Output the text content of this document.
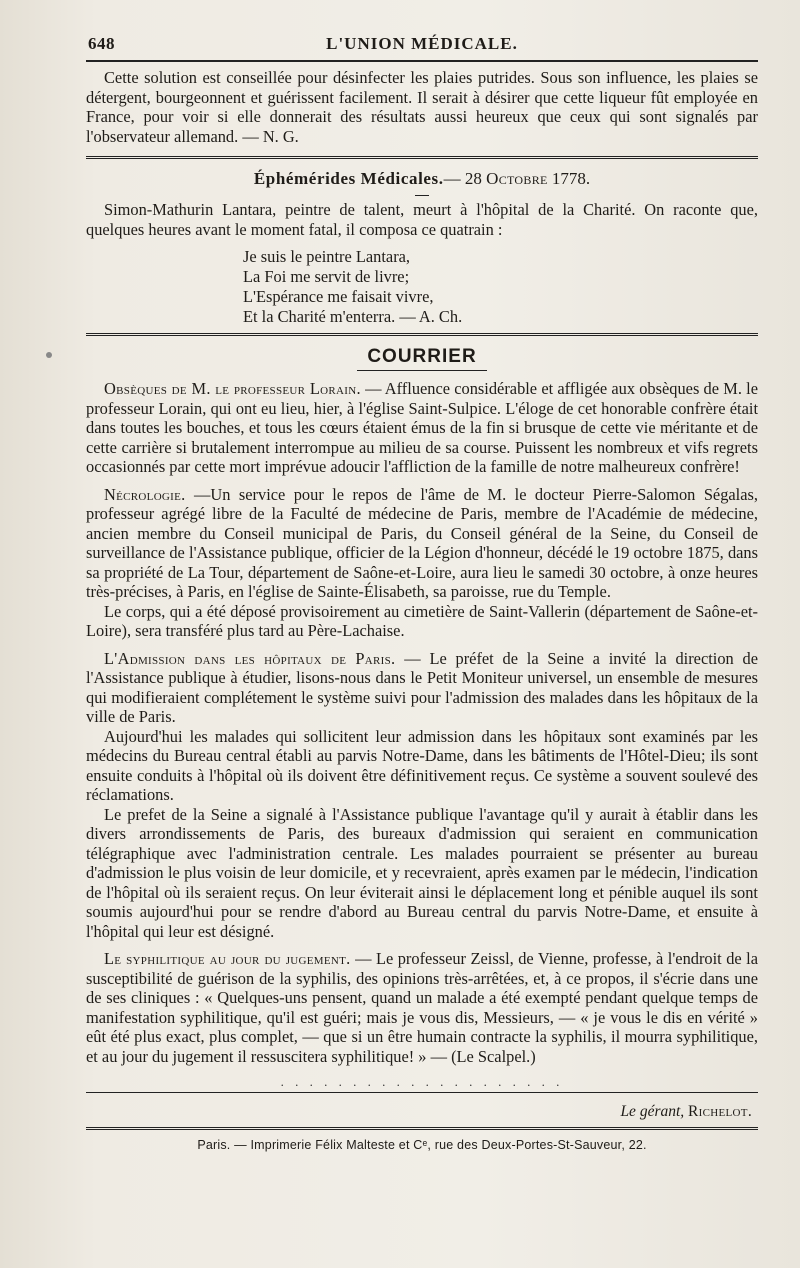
648	L'UNION MÉDICALE.

Cette solution est conseillée pour désinfecter les plaies putrides. Sous son influence, les plaies se détergent, bourgeonnent et guérissent facilement. Il serait à désirer que cette liqueur fût employée en France, pour voir si elle donnerait des résultats aussi heureux que ceux qui sont signalés par l'observateur allemand. — N. G.

Éphémérides Médicales.— 28 Octobre 1778.

Simon-Mathurin Lantara, peintre de talent, meurt à l'hôpital de la Charité. On raconte que, quelques heures avant le moment fatal, il composa ce quatrain :

Je suis le peintre Lantara,
La Foi me servit de livre;
L'Espérance me faisait vivre,
Et la Charité m'enterra. — A. Ch.
COURRIER

Obsèques de M. le professeur Lorain. — Affluence considérable et affligée aux obsèques de M. le professeur Lorain, qui ont eu lieu, hier, à l'église Saint-Sulpice. L'éloge de cet honorable confrère était dans toutes les bouches, et tous les cœurs étaient émus de la fin si brusque de cette vie méritante et de cette carrière si brutalement interrompue au milieu de sa course. Puissent les nombreux et vifs regrets occasionnés par cette mort imprévue adoucir l'affliction de la famille de notre malheureux confrère!

Nécrologie. —Un service pour le repos de l'âme de M. le docteur Pierre-Salomon Ségalas, professeur agrégé libre de la Faculté de médecine de Paris, membre de l'Académie de médecine, ancien membre du Conseil municipal de Paris, du Conseil général de la Seine, du Conseil de surveillance de l'Assistance publique, officier de la Légion d'honneur, décédé le 19 octobre 1875, dans sa propriété de La Tour, département de Saône-et-Loire, aura lieu le samedi 30 octobre, à onze heures très-précises, à Paris, en l'église de Sainte-Élisabeth, sa paroisse, rue du Temple.

Le corps, qui a été déposé provisoirement au cimetière de Saint-Vallerin (département de Saône-et-Loire), sera transféré plus tard au Père-Lachaise.

L'Admission dans les hôpitaux de Paris. — Le préfet de la Seine a invité la direction de l'Assistance publique à étudier, lisons-nous dans le Petit Moniteur universel, un ensemble de mesures qui modifieraient complétement le système suivi pour l'admission des malades dans les hôpitaux de la ville de Paris.

Aujourd'hui les malades qui sollicitent leur admission dans les hôpitaux sont examinés par les médecins du Bureau central établi au parvis Notre-Dame, dans les bâtiments de l'Hôtel-Dieu; ils sont ensuite conduits à l'hôpital où ils doivent être définitivement reçus. Ce système a souvent soulevé des réclamations.

Le prefet de la Seine a signalé à l'Assistance publique l'avantage qu'il y aurait à établir dans les divers arrondissements de Paris, des bureaux d'admission qui seraient en communication télégraphique avec l'administration centrale. Les malades pourraient se présenter au bureau d'admission le plus voisin de leur domicile, et y recevraient, après examen par le médecin, l'indication de l'hôpital où ils seraient reçus. On leur éviterait ainsi le déplacement long et pénible auquel ils sont soumis aujourd'hui pour se rendre d'abord au Bureau central du parvis Notre-Dame, et ensuite à l'hôpital qui leur est désigné.

Le syphilitique au jour du jugement. — Le professeur Zeissl, de Vienne, professe, à l'endroit de la susceptibilité de guérison de la syphilis, des opinions très-arrêtées, et, à ce propos, il s'écrie dans une de ses cliniques : « Quelques-uns pensent, quand un malade a été exempté pendant quelque temps de manifestation syphilitique, qu'il est guéri; mais je vous dis, Messieurs, — « je vous le dis en vérité » eût été plus exact, plus complet, — que si un être humain contracte la syphilis, il mourra syphilitique, et au jour du jugement il ressuscitera syphilitique! » — (Le Scalpel.)

. . . . . . . . . . . . . . . . . . . .
Le gérant, Richelot.
Paris. — Imprimerie Félix Malteste et Cᵉ, rue des Deux-Portes-St-Sauveur, 22.
